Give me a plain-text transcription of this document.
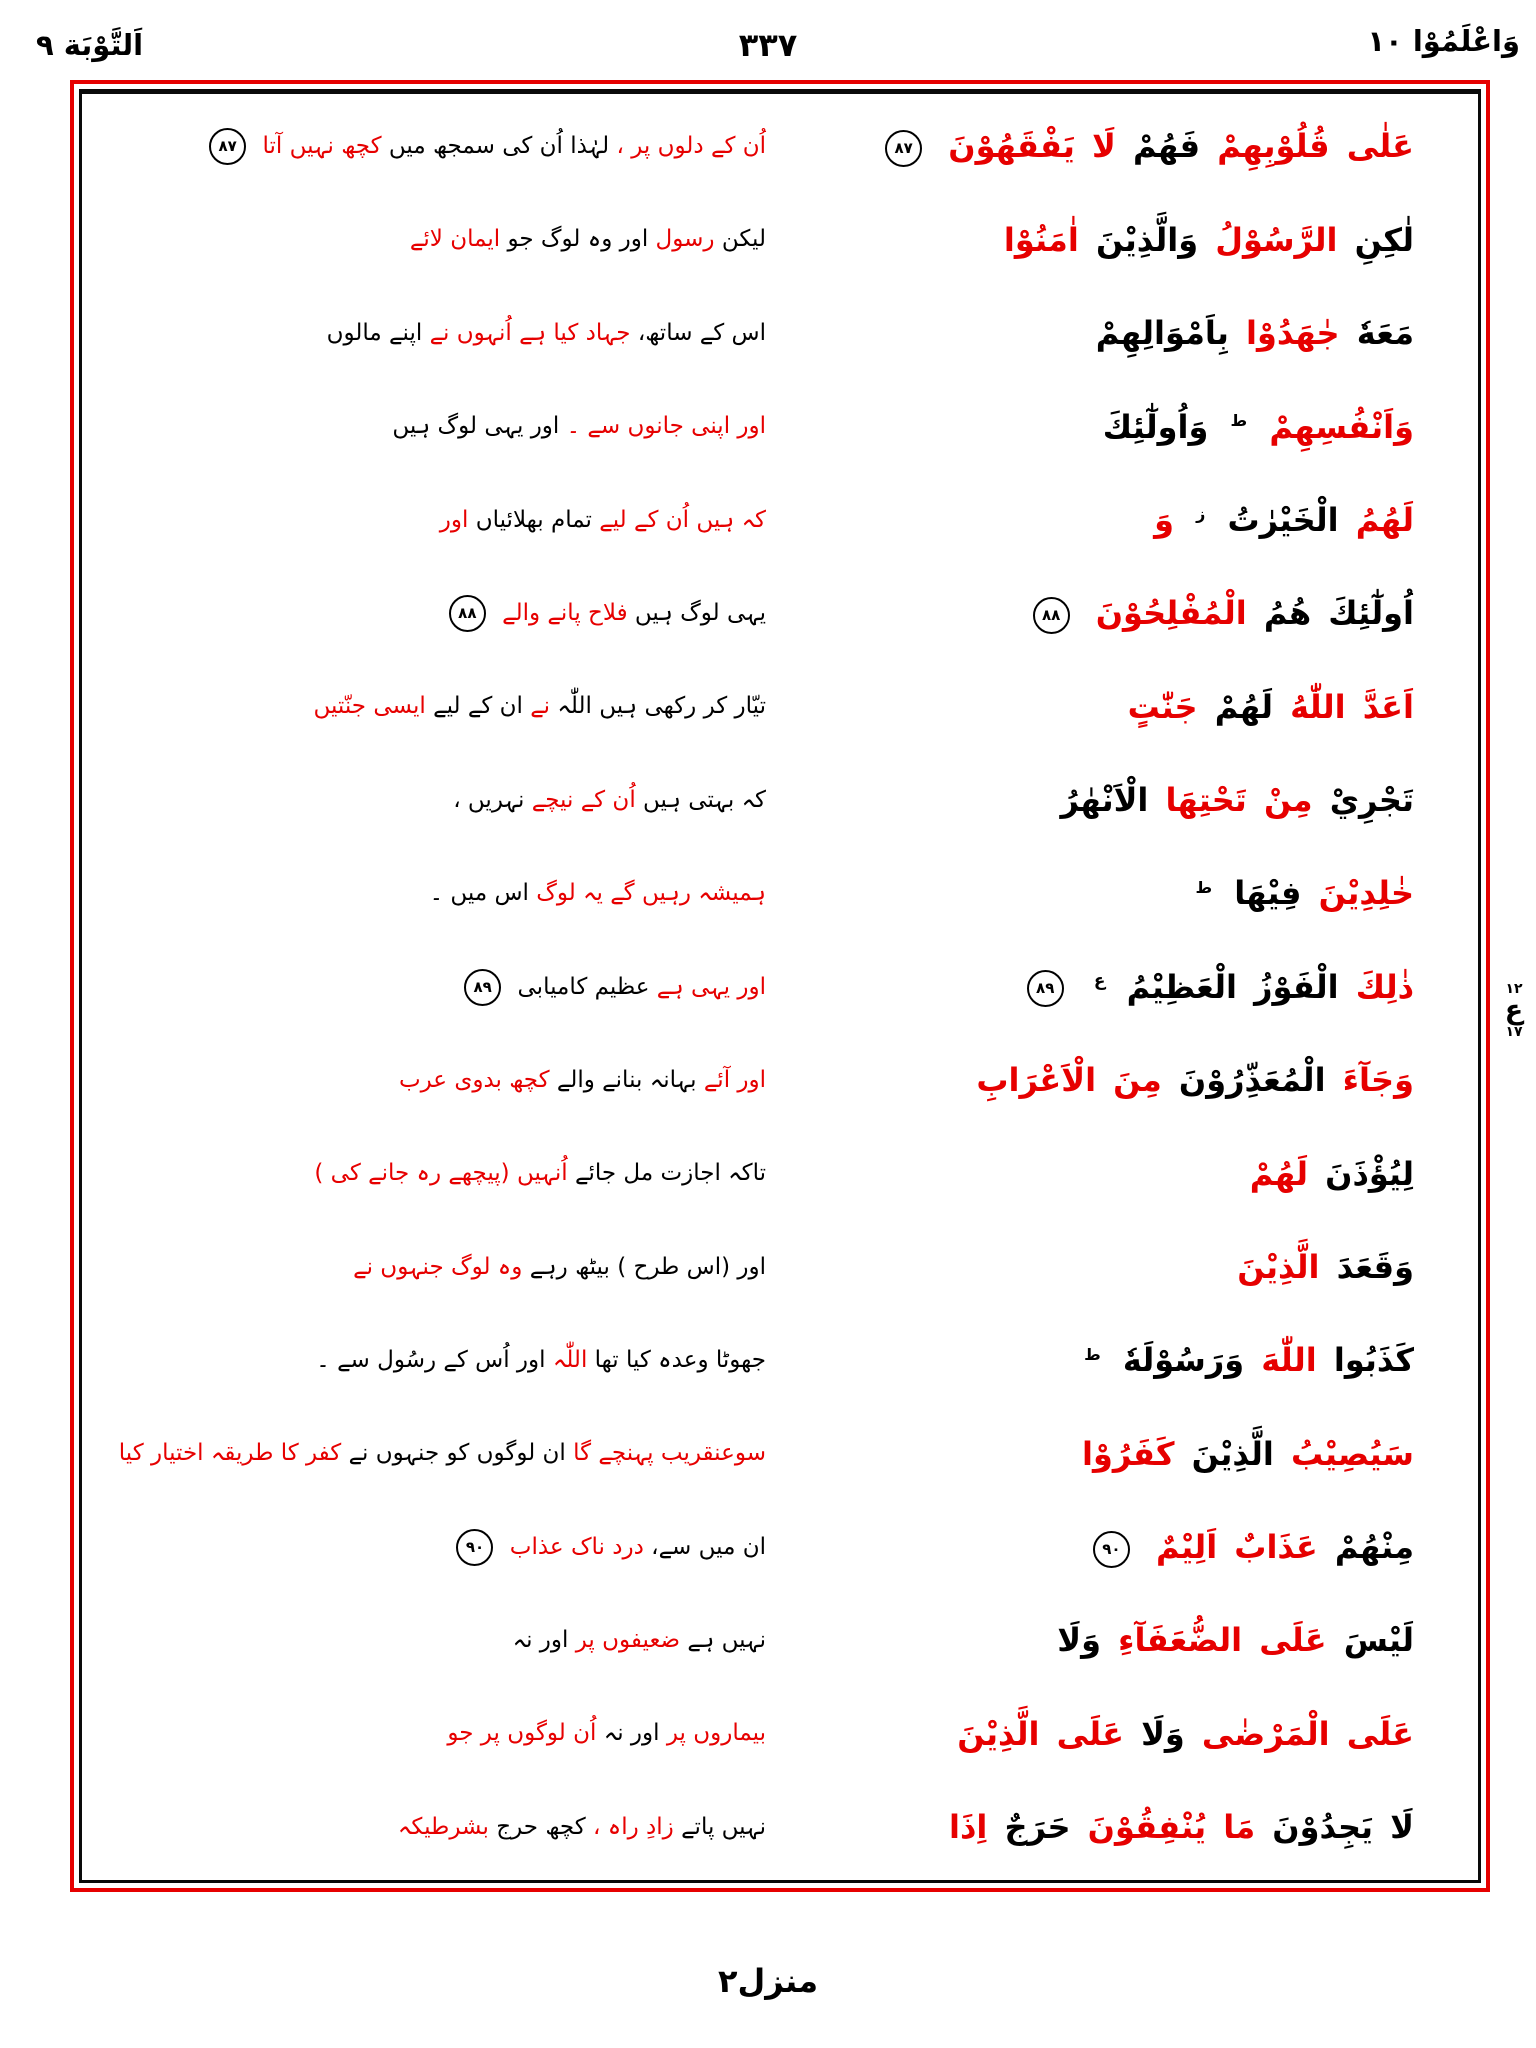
اَلتَّوْبَة ۹	۳۳۷	وَاعْلَمُوْا ۱۰
عَلٰى قُلُوْبِهِمْ فَهُمْ لَا يَفْقَهُوْنَ ۸۷
اُن کے دلوں پر ، لہٰذا اُن کی سمجھ میں کچھ نہیں آتا ۸۷
لٰكِنِ الرَّسُوْلُ وَالَّذِيْنَ اٰمَنُوْا
لیکن رسول اور وہ لوگ جو ایمان لائے
مَعَهٗ جٰهَدُوْا بِاَمْوَالِهِمْ
اس کے ساتھ، جہاد کیا ہے اُنہوں نے اپنے مالوں
وَاَنْفُسِهِمْ $^ط$ وَاُولٰٓئِكَ
اور اپنی جانوں سے ۔ اور یہی لوگ ہیں
لَهُمُ الْخَيْرٰتُ $^ز$ وَ
کہ ہیں اُن کے لیے تمام بھلائیاں اور
اُولٰٓئِكَ هُمُ الْمُفْلِحُوْنَ ۸۸
یہی لوگ ہیں فلاح پانے والے ۸۸
اَعَدَّ اللّٰهُ لَهُمْ جَنّٰتٍ
تیّار کر رکھی ہیں اللّٰہ نے ان کے لیے ایسی جنّتیں
تَجْرِيْ مِنْ تَحْتِهَا الْاَنْهٰرُ
کہ بہتی ہیں اُن کے نیچے نہریں ،
خٰلِدِيْنَ فِيْهَا $^ط$
ہمیشہ رہیں گے یہ لوگ اس میں ۔
ذٰلِكَ الْفَوْزُ الْعَظِيْمُ $^ع$ ۸۹
اور یہی ہے عظیم کامیابی ۸۹
وَجَآءَ الْمُعَذِّرُوْنَ مِنَ الْاَعْرَابِ
اور آئے بہانہ بنانے والے کچھ بدوی عرب
لِيُؤْذَنَ لَهُمْ
تاکہ اجازت مل جائے اُنہیں (پیچھے رہ جانے کی )
وَقَعَدَ الَّذِيْنَ
اور (اس طرح ) بیٹھ رہے وہ لوگ جنہوں نے
كَذَبُوا اللّٰهَ وَرَسُوْلَهٗ $^ط$
جھوٹا وعدہ کیا تھا اللّٰہ اور اُس کے رسُول سے ۔
سَيُصِيْبُ الَّذِيْنَ كَفَرُوْا
سوعنقریب پہنچے گا ان لوگوں کو جنہوں نے کفر کا طریقہ اختیار کیا
مِنْهُمْ عَذَابٌ اَلِيْمٌ ۹۰
ان میں سے، درد ناک عذاب ۹۰
لَيْسَ عَلَى الضُّعَفَآءِ وَلَا
نہیں ہے ضعیفوں پر اور نہ
عَلَى الْمَرْضٰى وَلَا عَلَى الَّذِيْنَ
بیماروں پر اور نہ اُن لوگوں پر جو
لَا يَجِدُوْنَ مَا يُنْفِقُوْنَ حَرَجٌ اِذَا
نہیں پاتے زادِ راہ ، کچھ حرج بشرطیکہ
۱۲
ع
۱۷
منزل۲
